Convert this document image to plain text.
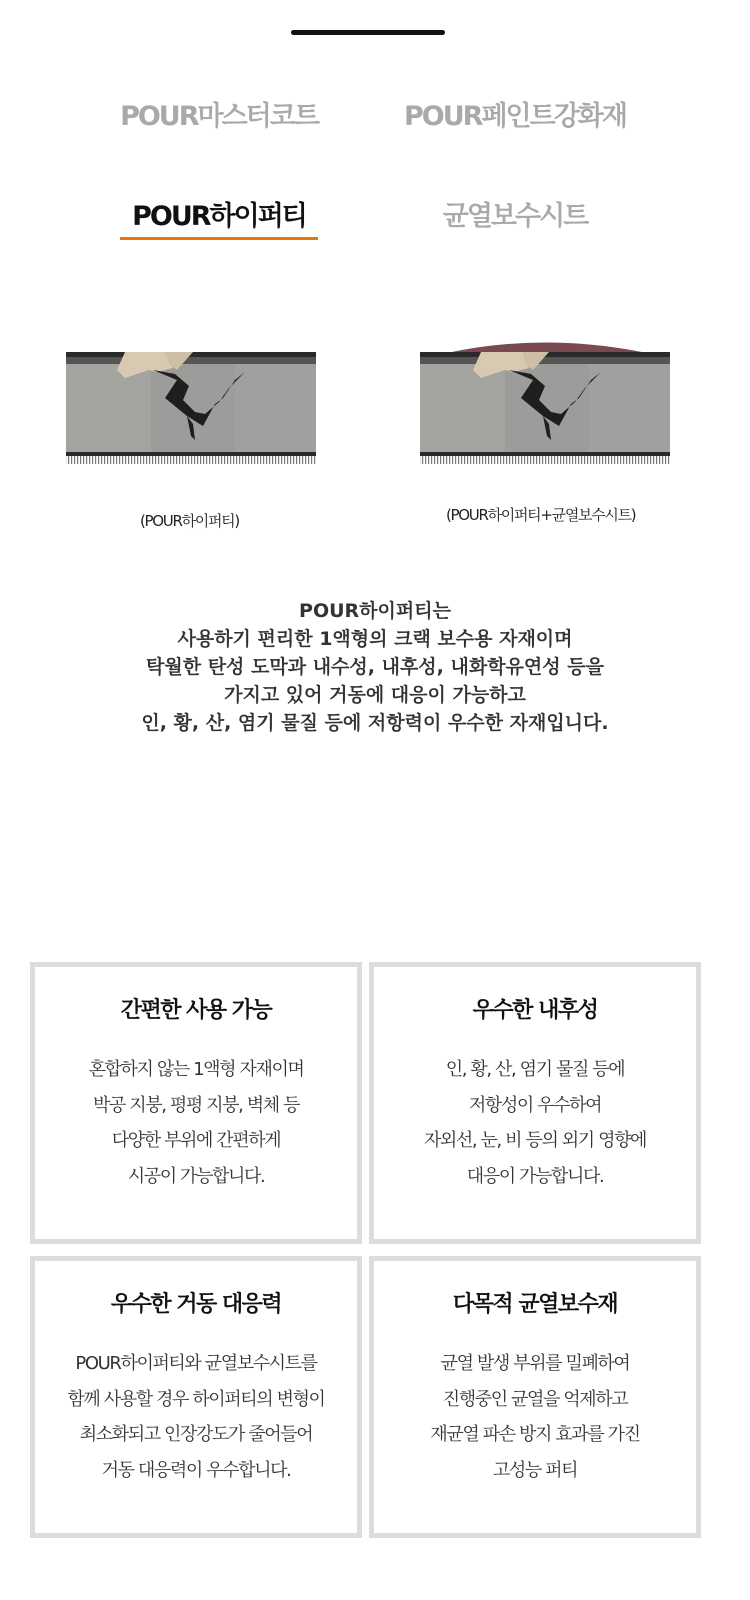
POUR마스터코트	POUR페인트강화재
POUR하이퍼티	균열보수시트
(POUR하이퍼티)	(POUR하이퍼티+균열보수시트)
POUR하이퍼티는
사용하기 편리한 1액형의 크랙 보수용 자재이며
탁월한 탄성 도막과 내수성, 내후성, 내화학유연성 등을
가지고 있어 거동에 대응이 가능하고
인, 황, 산, 염기 물질 등에 저항력이 우수한 자재입니다.
간편한 사용 가능
혼합하지 않는 1액형 자재이며
박공 지붕, 평평 지붕, 벽체 등
다양한 부위에 간편하게
시공이 가능합니다.
우수한 내후성
인, 황, 산, 염기 물질 등에
저항성이 우수하여
자외선, 눈, 비 등의 외기 영향에
대응이 가능합니다.
우수한 거동 대응력
POUR하이퍼티와 균열보수시트를
함께 사용할 경우 하이퍼티의 변형이
최소화되고 인장강도가 줄어들어
거동 대응력이 우수합니다.
다목적 균열보수재
균열 발생 부위를 밀폐하여
진행중인 균열을 억제하고
재균열 파손 방지 효과를 가진
고성능 퍼티
